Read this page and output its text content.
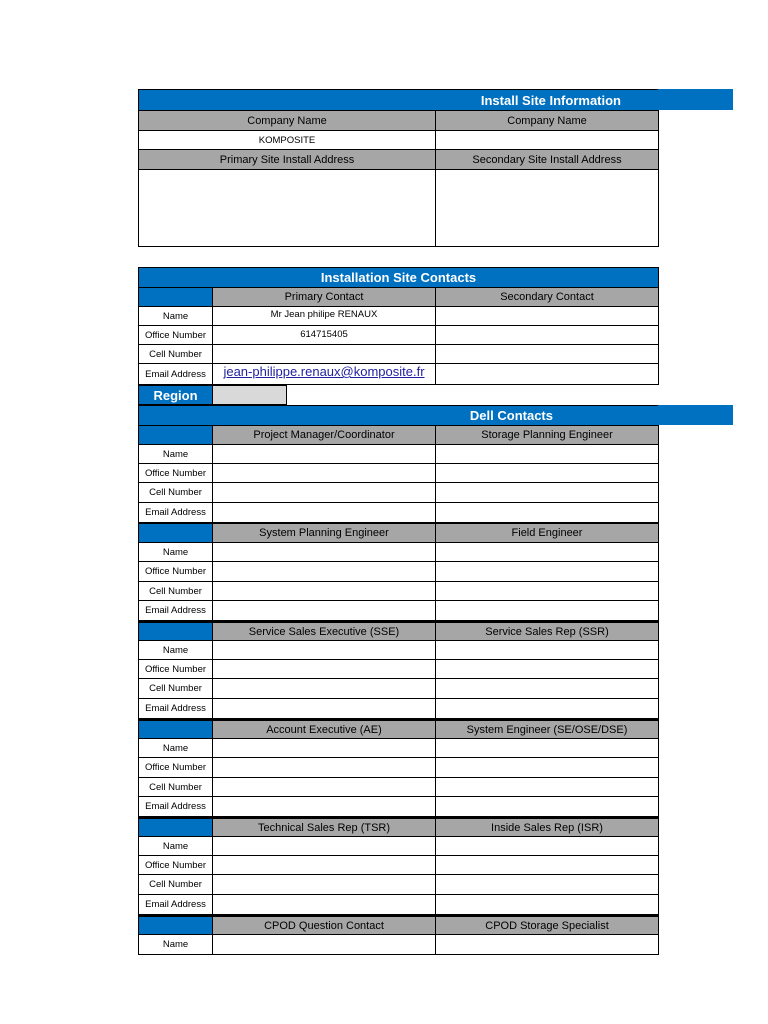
Install Site Information
Company Name	Company Name
KOMPOSITE
Primary Site Install Address	Secondary Site Install Address
Installation Site Contacts
Primary Contact	Secondary Contact
Name	Mr Jean philipe RENAUX
Office Number	614715405
Cell Number
Email Address	jean-philippe.renaux@komposite.fr
Region
Dell Contacts
Project Manager/Coordinator	Storage Planning Engineer
Name
Office Number
Cell Number
Email Address
System Planning Engineer	Field Engineer
Name
Office Number
Cell Number
Email Address
Service Sales Executive (SSE)	Service Sales Rep (SSR)
Name
Office Number
Cell Number
Email Address
Account Executive (AE)	System Engineer (SE/OSE/DSE)
Name
Office Number
Cell Number
Email Address
Technical Sales Rep (TSR)	Inside Sales Rep (ISR)
Name
Office Number
Cell Number
Email Address
CPOD Question Contact	CPOD Storage Specialist
Name
